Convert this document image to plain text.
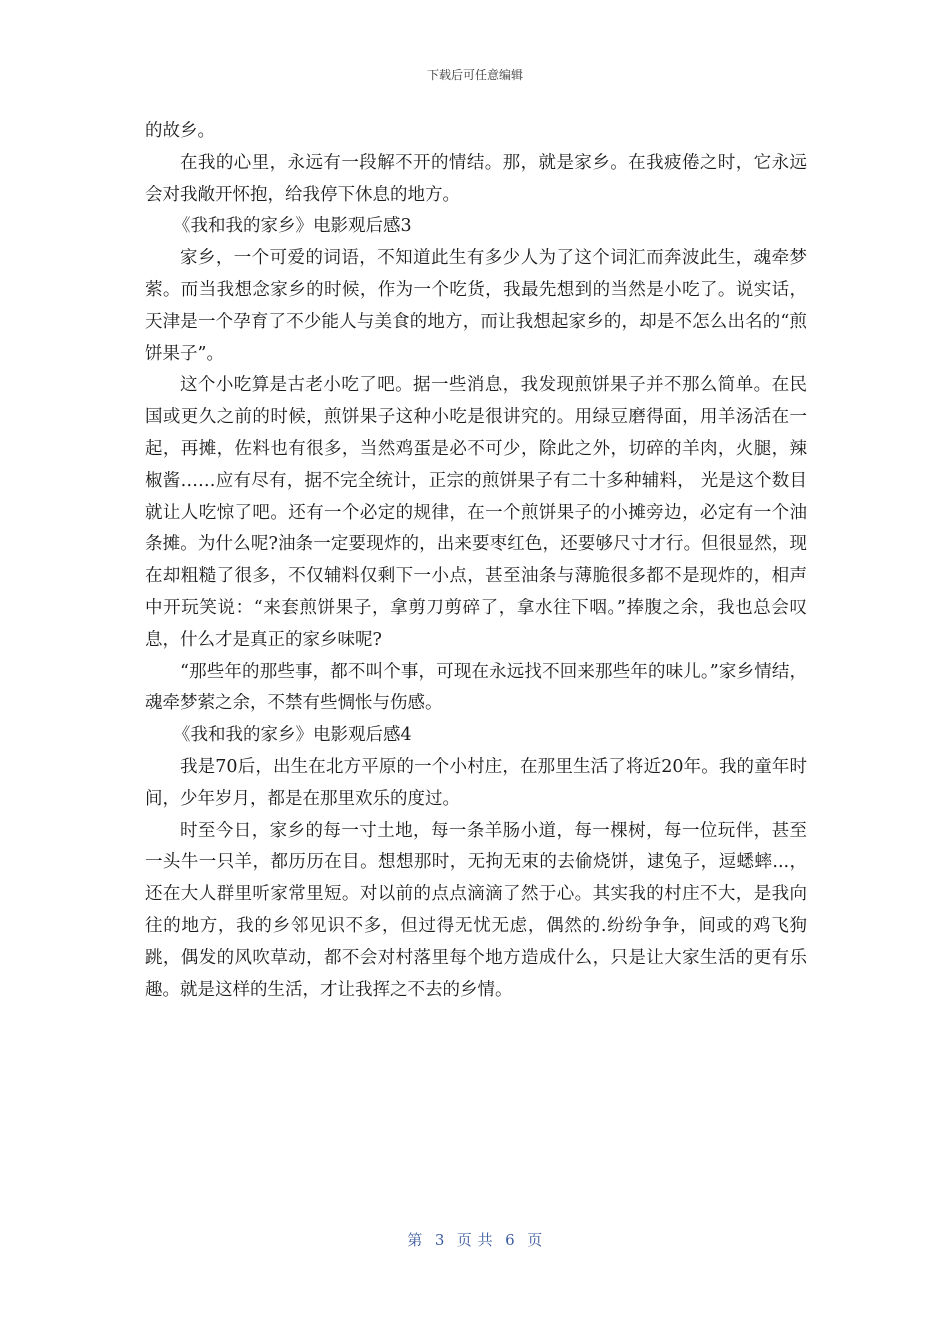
下载后可任意编辑

的故乡。

在我的心里，永远有一段解不开的情结。那，就是家乡。在我疲倦之时，它永远会对我敞开怀抱，给我停下休息的地方。

《我和我的家乡》电影观后感3

家乡，一个可爱的词语，不知道此生有多少人为了这个词汇而奔波此生，魂牵梦萦。而当我想念家乡的时候，作为一个吃货，我最先想到的当然是小吃了。说实话，天津是一个孕育了不少能人与美食的地方，而让我想起家乡的，却是不怎么出名的“煎饼果子”。

这个小吃算是古老小吃了吧。据一些消息，我发现煎饼果子并不那么简单。在民国或更久之前的时候，煎饼果子这种小吃是很讲究的。用绿豆磨得面，用羊汤活在一起，再摊，佐料也有很多，当然鸡蛋是必不可少，除此之外，切碎的羊肉，火腿，辣椒酱……应有尽有，据不完全统计，正宗的煎饼果子有二十多种辅料， 光是这个数目就让人吃惊了吧。还有一个必定的规律，在一个煎饼果子的小摊旁边，必定有一个油条摊。为什么呢?油条一定要现炸的，出来要枣红色，还要够尺寸才行。但很显然，现在却粗糙了很多，不仅辅料仅剩下一小点，甚至油条与薄脆很多都不是现炸的，相声中开玩笑说：“来套煎饼果子，拿剪刀剪碎了，拿水往下咽。”捧腹之余，我也总会叹息，什么才是真正的家乡味呢?

“那些年的那些事，都不叫个事，可现在永远找不回来那些年的味儿。”家乡情结，魂牵梦萦之余，不禁有些惆怅与伤感。

《我和我的家乡》电影观后感4

我是70后，出生在北方平原的一个小村庄，在那里生活了将近20年。我的童年时间，少年岁月，都是在那里欢乐的度过。

时至今日，家乡的每一寸土地，每一条羊肠小道，每一棵树，每一位玩伴，甚至一头牛一只羊，都历历在目。想想那时，无拘无束的去偷烧饼，逮兔子，逗蟋蟀...，还在大人群里听家常里短。对以前的点点滴滴了然于心。其实我的村庄不大，是我向往的地方，我的乡邻见识不多，但过得无忧无虑，偶然的.纷纷争争，间或的鸡飞狗跳，偶发的风吹草动，都不会对村落里每个地方造成什么，只是让大家生活的更有乐趣。就是这样的生活，才让我挥之不去的乡情。

第 3 页 共 6 页
